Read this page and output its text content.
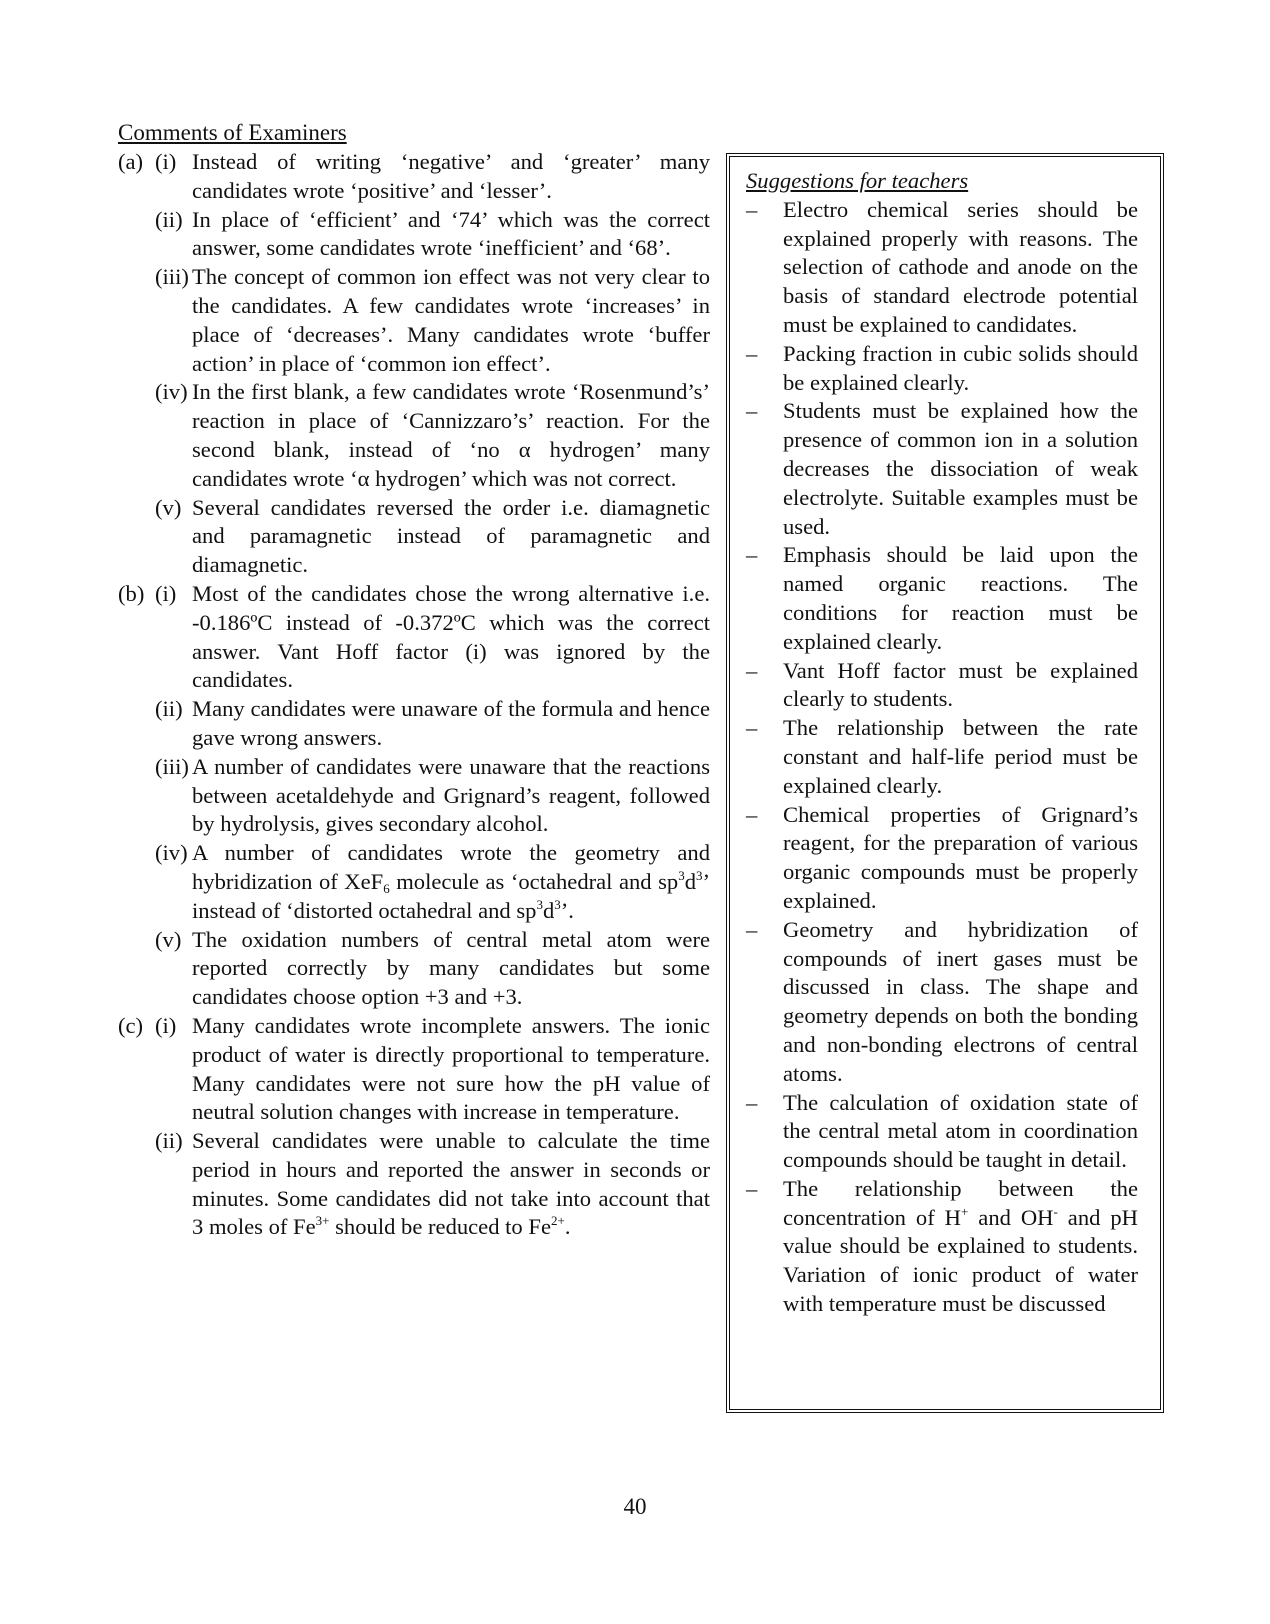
Comments of Examiners
(a) (i) Instead of writing ‘negative’ and ‘greater’ many candidates wrote ‘positive’ and ‘lesser’.
(ii) In place of ‘efficient’ and ‘74’ which was the correct answer, some candidates wrote ‘inefficient’ and ‘68’.
(iii) The concept of common ion effect was not very clear to the candidates. A few candidates wrote ‘increases’ in place of ‘decreases’. Many candidates wrote ‘buffer action’ in place of ‘common ion effect’.
(iv) In the first blank, a few candidates wrote ‘Rosenmund’s’ reaction in place of ‘Cannizzaro’s’ reaction. For the second blank, instead of ‘no α hydrogen’ many candidates wrote ‘α hydrogen’ which was not correct.
(v) Several candidates reversed the order i.e. diamagnetic and paramagnetic instead of paramagnetic and diamagnetic.
(b) (i) Most of the candidates chose the wrong alternative i.e. -0.186ºC instead of -0.372ºC which was the correct answer. Vant Hoff factor (i) was ignored by the candidates.
(ii) Many candidates were unaware of the formula and hence gave wrong answers.
(iii) A number of candidates were unaware that the reactions between acetaldehyde and Grignard’s reagent, followed by hydrolysis, gives secondary alcohol.
(iv) A number of candidates wrote the geometry and hybridization of XeF$_6$ molecule as ‘octahedral and $sp^3d^3$’ instead of ‘distorted octahedral and $sp^3d^3$’.
(v) The oxidation numbers of central metal atom were reported correctly by many candidates but some candidates choose option +3 and +3.
(c) (i) Many candidates wrote incomplete answers. The ionic product of water is directly proportional to temperature. Many candidates were not sure how the pH value of neutral solution changes with increase in temperature.
(ii) Several candidates were unable to calculate the time period in hours and reported the answer in seconds or minutes. Some candidates did not take into account that 3 moles of $Fe^{3+}$ should be reduced to $Fe^{2+}$.
Suggestions for teachers
–	Electro chemical series should be explained properly with reasons. The selection of cathode and anode on the basis of standard electrode potential must be explained to candidates.
–	Packing fraction in cubic solids should be explained clearly.
–	Students must be explained how the presence of common ion in a solution decreases the dissociation of weak electrolyte. Suitable examples must be used.
–	Emphasis should be laid upon the named organic reactions. The conditions for reaction must be explained clearly.
–	Vant Hoff factor must be explained clearly to students.
–	The relationship between the rate constant and half-life period must be explained clearly.
–	Chemical properties of Grignard’s reagent, for the preparation of various organic compounds must be properly explained.
–	Geometry and hybridization of compounds of inert gases must be discussed in class. The shape and geometry depends on both the bonding and non-bonding electrons of central atoms.
–	The calculation of oxidation state of the central metal atom in coordination compounds should be taught in detail.
–	The relationship between the concentration of H+ and OH- and pH value should be explained to students. Variation of ionic product of water with temperature must be discussed
40
